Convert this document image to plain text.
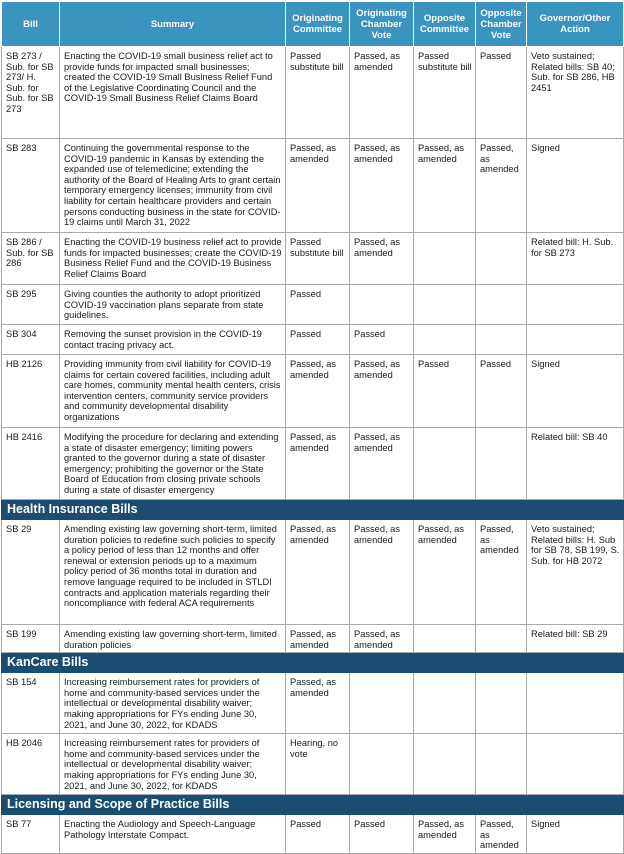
Bill	Summary	Originating Committee	Originating Chamber Vote	Opposite Committee	Opposite Chamber Vote	Governor/Other Action
SB 273 / Sub. for SB 273/ H. Sub. for Sub. for SB 273	Enacting the COVID-19 small business relief act to provide funds for impacted small businesses; created the COVID-19 Small Business Relief Fund of the Legislative Coordinating Council and the COVID-19 Small Business Relief Claims Board	Passed substitute bill	Passed, as amended	Passed substitute bill	Passed	Veto sustained; Related bills: SB 40; Sub. for SB 286, HB 2451
SB 283	Continuing the governmental response to the COVID-19 pandemic in Kansas by extending the expanded use of telemedicine; extending the authority of the Board of Healing Arts to grant certain temporary emergency licenses; immunity from civil liability for certain healthcare providers and certain persons conducting business in the state for COVID-19 claims until March 31, 2022	Passed, as amended	Passed, as amended	Passed, as amended	Passed, as amended	Signed
SB 286 / Sub. for SB 286	Enacting the COVID-19 business relief act to provide funds for impacted businesses; create the COVID-19 Business Relief Fund and the COVID-19 Business Relief Claims Board	Passed substitute bill	Passed, as amended			Related bill: H. Sub. for SB 273
SB 295	Giving counties the authority to adopt prioritized COVID-19 vaccination plans separate from state guidelines.	Passed				
SB 304	Removing the sunset provision in the COVID-19 contact tracing privacy act.	Passed	Passed			
HB 2126	Providing immunity from civil liability for COVID-19 claims for certain covered facilities, including adult care homes, community mental health centers, crisis intervention centers, community service providers and community developmental disability organizations	Passed, as amended	Passed, as amended	Passed	Passed	Signed
HB 2416	Modifying the procedure for declaring and extending a state of disaster emergency; limiting powers granted to the governor during a state of disaster emergency; prohibiting the governor or the State Board of Education from closing private schools during a state of disaster emergency	Passed, as amended	Passed, as amended			Related bill: SB 40
Health Insurance Bills						
SB 29	Amending existing law governing short-term, limited duration policies to redefine such policies to specify a policy period of less than 12 months and offer renewal or extension periods up to a maximum policy period of 36 months total in duration and remove language required to be included in STLDI contracts and application materials regarding their noncompliance with federal ACA requirements	Passed, as amended	Passed, as amended	Passed, as amended	Passed, as amended	Veto sustained; Related bills: H. Sub for SB 78, SB 199, S. Sub. for HB 2072
SB 199	Amending existing law governing short-term, limited duration policies	Passed, as amended	Passed, as amended			Related bill: SB 29
KanCare Bills						
SB 154	Increasing reimbursement rates for providers of home and community-based services under the intellectual or developmental disability waiver; making appropriations for FYs ending June 30, 2021, and June 30, 2022, for KDADS	Passed, as amended				
HB 2046	Increasing reimbursement rates for providers of home and community-based services under the intellectual or developmental disability waiver; making appropriations for FYs ending June 30, 2021, and June 30, 2022, for KDADS	Hearing, no vote				
Licensing and Scope of Practice Bills						
SB 77	Enacting the Audiology and Speech-Language Pathology Interstate Compact.	Passed	Passed	Passed, as amended	Passed, as amended	Signed
